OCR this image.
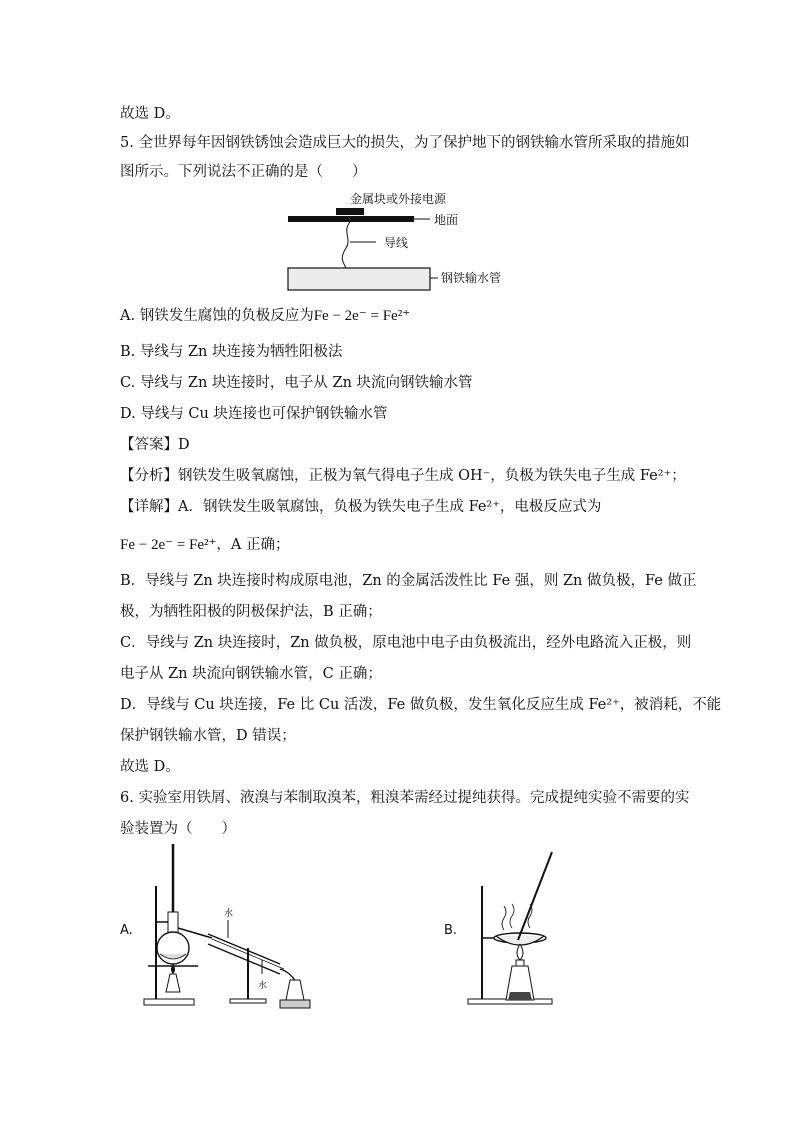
故选 D。
5. 全世界每年因钢铁锈蚀会造成巨大的损失，为了保护地下的钢铁输水管所采取的措施如
图所示。下列说法不正确的是（　　）
金属块或外接电源
地面
导线
钢铁输水管
A. 钢铁发生腐蚀的负极反应为Fe − 2e⁻ = Fe²⁺
B. 导线与 Zn 块连接为牺牲阳极法
C. 导线与 Zn 块连接时，电子从 Zn 块流向钢铁输水管
D. 导线与 Cu 块连接也可保护钢铁输水管
【答案】D
【分析】钢铁发生吸氧腐蚀，正极为氧气得电子生成 OH⁻，负极为铁失电子生成 Fe²⁺；
【详解】A．钢铁发生吸氧腐蚀，负极为铁失电子生成 Fe²⁺，电极反应式为
Fe − 2e⁻ = Fe²⁺，A 正确；
B．导线与 Zn 块连接时构成原电池，Zn 的金属活泼性比 Fe 强，则 Zn 做负极，Fe 做正
极，为牺牲阳极的阴极保护法，B 正确；
C．导线与 Zn 块连接时，Zn 做负极，原电池中电子由负极流出，经外电路流入正极，则
电子从 Zn 块流向钢铁输水管，C 正确；
D．导线与 Cu 块连接，Fe 比 Cu 活泼，Fe 做负极，发生氧化反应生成 Fe²⁺，被消耗，不能
保护钢铁输水管，D 错误；
故选 D。
6. 实验室用铁屑、液溴与苯制取溴苯，粗溴苯需经过提纯获得。完成提纯实验不需要的实
验装置为（　　）
A.
水
水
B.
